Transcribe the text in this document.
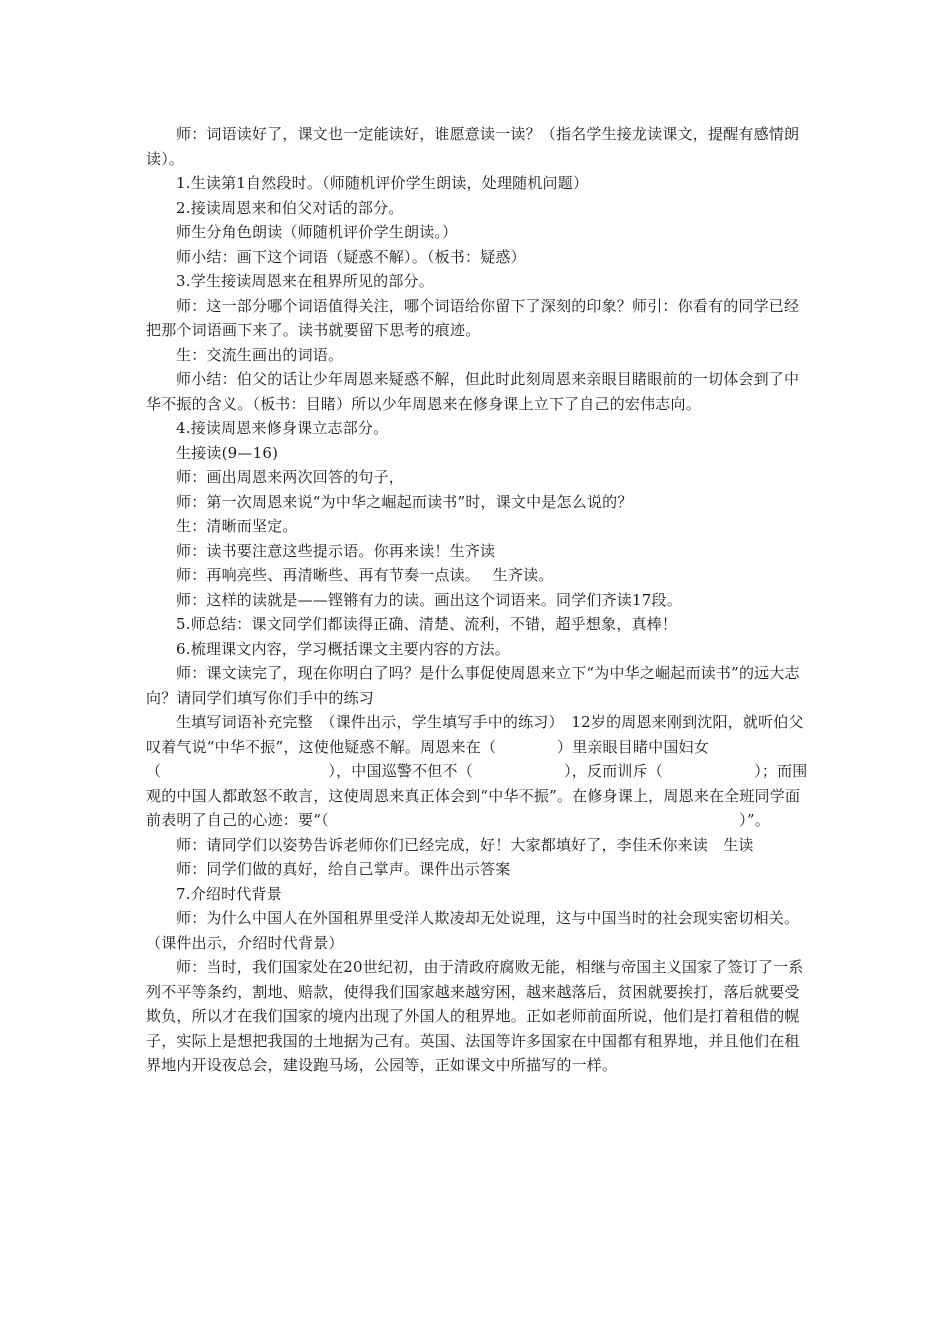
师：词语读好了，课文也一定能读好，谁愿意读一读？（指名学生接龙读课文，提醒有感情朗读）。

1.生读第1自然段时。（师随机评价学生朗读，处理随机问题）

2.接读周恩来和伯父对话的部分。

师生分角色朗读（师随机评价学生朗读。）

师小结：画下这个词语（疑惑不解）。（板书：疑惑）

3.学生接读周恩来在租界所见的部分。

师：这一部分哪个词语值得关注，哪个词语给你留下了深刻的印象？师引：你看有的同学已经把那个词语画下来了。读书就要留下思考的痕迹。

生：交流生画出的词语。

师小结：伯父的话让少年周恩来疑惑不解，但此时此刻周恩来亲眼目睹眼前的一切体会到了中华不振的含义。（板书：目睹）所以少年周恩来在修身课上立下了自己的宏伟志向。

4.接读周恩来修身课立志部分。

生接读(9—16)

师：画出周恩来两次回答的句子，

师：第一次周恩来说“为中华之崛起而读书”时，课文中是怎么说的？

生：清晰而坚定。

师：读书要注意这些提示语。你再来读！生齐读

师：再响亮些、再清晰些、再有节奏一点读。　 生齐读。

师：这样的读就是——铿锵有力的读。画出这个词语来。同学们齐读17段。

5.师总结：课文同学们都读得正确、清楚、流利，不错，超乎想象，真棒！

6.梳理课文内容，学习概括课文主要内容的方法。

师：课文读完了，现在你明白了吗？是什么事促使周恩来立下“为中华之崛起而读书”的远大志向？请同学们填写你们手中的练习

生填写词语补充完整　（课件出示，学生填写手中的练习）　12岁的周恩来刚到沈阳，就听伯父叹着气说“中华不振”，这使他疑惑不解。周恩来在（　　　　）里亲眼目睹中国妇女（　　　　　　　　　　　），中国巡警不但不（　　　　　　），反而训斥（　　　　　　）；而围观的中国人都敢怒不敢言，这使周恩来真正体会到“中华不振”。在修身课上，周恩来在全班同学面前表明了自己的心迹：要“（　　　　　　　　　　　　　　　　　　　　　　　　　　　）”。

师：请同学们以姿势告诉老师你们已经完成，好！大家都填好了，李佳禾你来读　生读

师：同学们做的真好，给自己掌声。课件出示答案

7.介绍时代背景

师：为什么中国人在外国租界里受洋人欺凌却无处说理，这与中国当时的社会现实密切相关。（课件出示，介绍时代背景）

师：当时，我们国家处在20世纪初，由于清政府腐败无能，相继与帝国主义国家了签订了一系列不平等条约，割地、赔款，使得我们国家越来越穷困，越来越落后，贫困就要挨打，落后就要受欺负，所以才在我们国家的境内出现了外国人的租界地。正如老师前面所说，他们是打着租借的幌子，实际上是想把我国的土地据为己有。英国、法国等许多国家在中国都有租界地，并且他们在租界地内开设夜总会，建设跑马场，公园等，正如课文中所描写的一样。
